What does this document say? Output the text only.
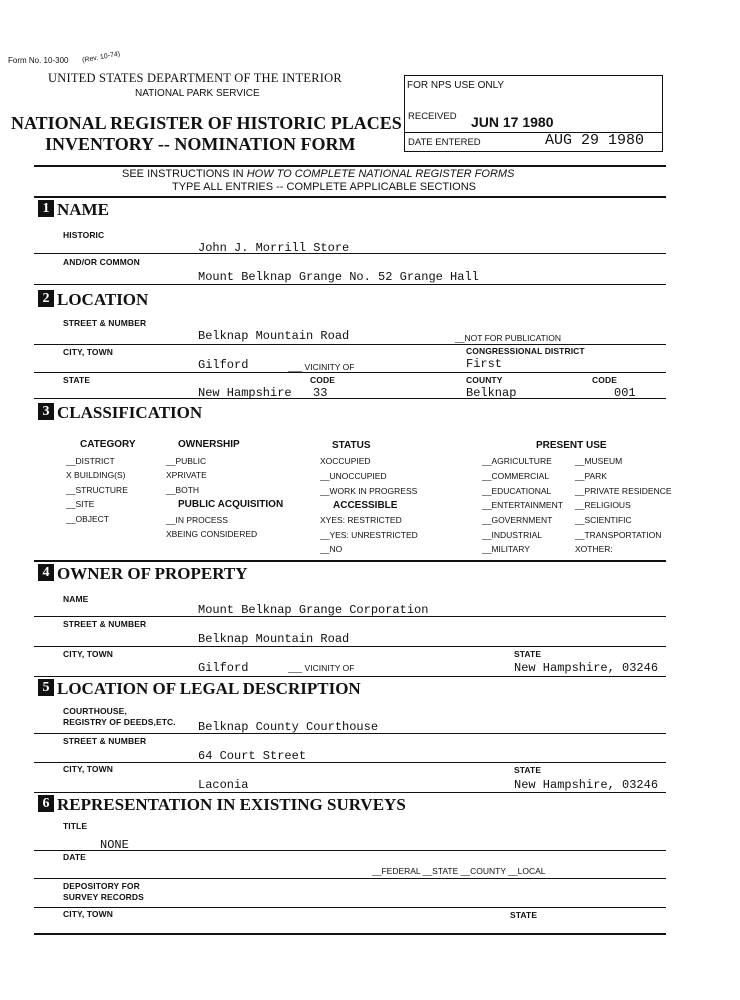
Form No. 10-300 (Rev. 10-74)
UNITED STATES DEPARTMENT OF THE INTERIOR
NATIONAL PARK SERVICE
NATIONAL REGISTER OF HISTORIC PLACES
INVENTORY -- NOMINATION FORM
FOR NPS USE ONLY
RECEIVED JUN 17 1980
DATE ENTERED	AUG 29 1980
SEE INSTRUCTIONS IN HOW TO COMPLETE NATIONAL REGISTER FORMS
TYPE ALL ENTRIES -- COMPLETE APPLICABLE SECTIONS
1 NAME
HISTORIC
John J. Morrill Store
AND/OR COMMON
Mount Belknap Grange No. 52 Grange Hall
2 LOCATION
STREET & NUMBER
Belknap Mountain Road	__NOT FOR PUBLICATION
CITY, TOWN	CONGRESSIONAL DISTRICT
Gilford	___ VICINITY OF	First
STATE	CODE	COUNTY	CODE
New Hampshire 33	Belknap	001
3 CLASSIFICATION
CATEGORY
__DISTRICT
X BUILDING(S)
__STRUCTURE
__SITE
__OBJECT
OWNERSHIP
__PUBLIC
XPRIVATE
__BOTH
PUBLIC ACQUISITION
__IN PROCESS
XBEING CONSIDERED
STATUS
XOCCUPIED
__UNOCCUPIED
__WORK IN PROGRESS
ACCESSIBLE
XYES: RESTRICTED
__YES: UNRESTRICTED
__NO
PRESENT USE
__AGRICULTURE
__COMMERCIAL
__EDUCATIONAL
__ENTERTAINMENT
__GOVERNMENT
__INDUSTRIAL
__MILITARY
__MUSEUM
__PARK
__PRIVATE RESIDENCE
__RELIGIOUS
__SCIENTIFIC
__TRANSPORTATION
XOTHER:
4 OWNER OF PROPERTY
NAME
Mount Belknap Grange Corporation
STREET & NUMBER
Belknap Mountain Road
CITY, TOWN	STATE
Gilford	___ VICINITY OF	New Hampshire, 03246
5 LOCATION OF LEGAL DESCRIPTION
COURTHOUSE,
REGISTRY OF DEEDS,ETC. Belknap County Courthouse
STREET & NUMBER
64 Court Street
CITY, TOWN	STATE
Laconia	New Hampshire, 03246
6 REPRESENTATION IN EXISTING SURVEYS
TITLE
NONE
DATE
__FEDERAL __STATE __COUNTY __LOCAL
DEPOSITORY FOR
SURVEY RECORDS
CITY, TOWN	STATE
